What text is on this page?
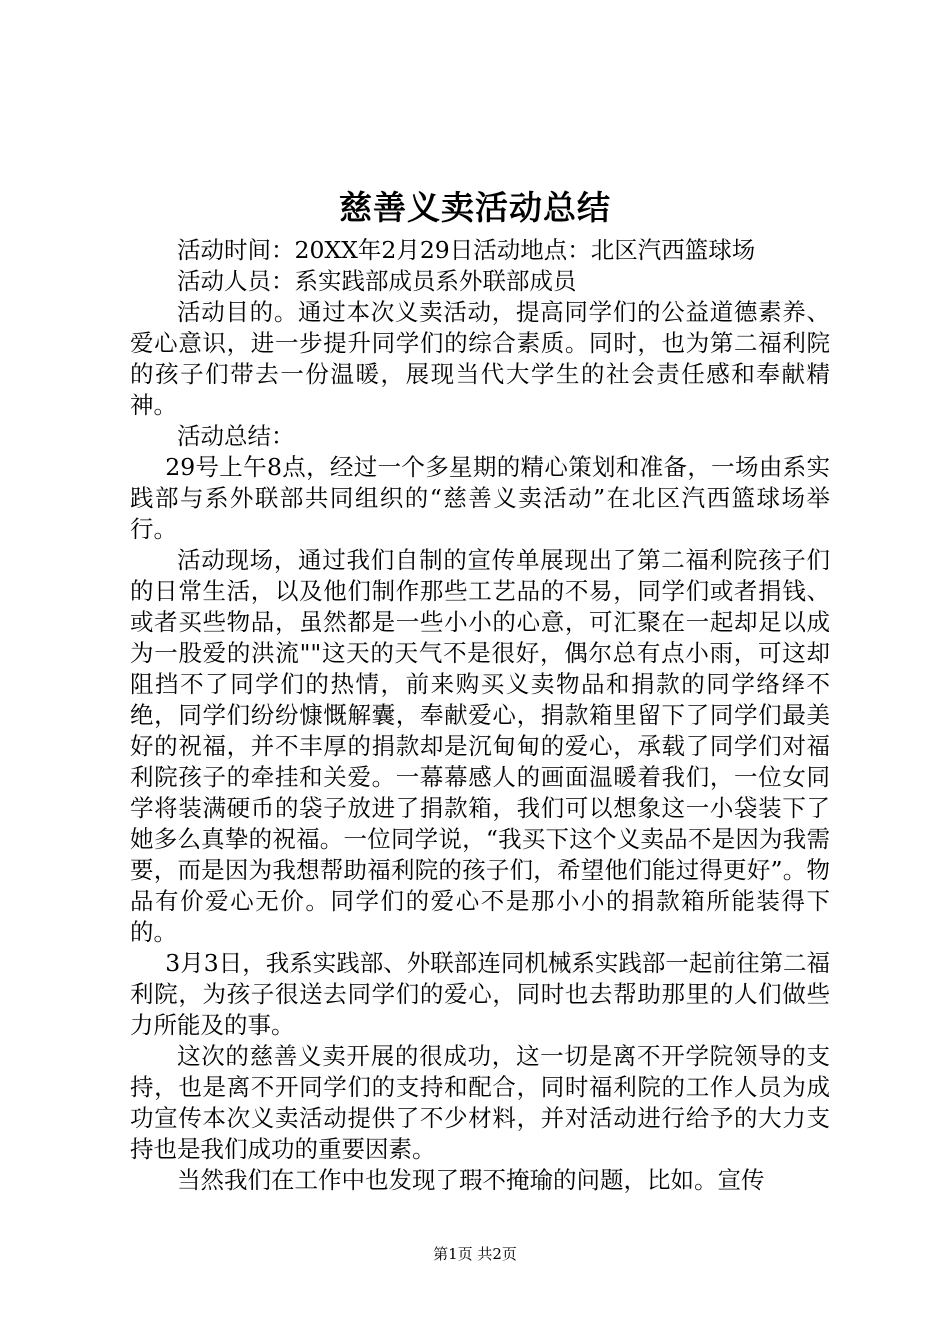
慈善义卖活动总结

活动时间：20XX年2月29日活动地点：北区汽西篮球场

活动人员：系实践部成员系外联部成员

活动目的。通过本次义卖活动，提高同学们的公益道德素养、爱心意识，进一步提升同学们的综合素质。同时，也为第二福利院的孩子们带去一份温暖，展现当代大学生的社会责任感和奉献精神。

活动总结：

29号上午8点，经过一个多星期的精心策划和准备，一场由系实践部与系外联部共同组织的“慈善义卖活动”在北区汽西篮球场举行。

活动现场，通过我们自制的宣传单展现出了第二福利院孩子们的日常生活，以及他们制作那些工艺品的不易，同学们或者捐钱、或者买些物品，虽然都是一些小小的心意，可汇聚在一起却足以成为一股爱的洪流""这天的天气不是很好，偶尔总有点小雨，可这却阻挡不了同学们的热情，前来购买义卖物品和捐款的同学络绎不绝，同学们纷纷慷慨解囊，奉献爱心，捐款箱里留下了同学们最美好的祝福，并不丰厚的捐款却是沉甸甸的爱心，承载了同学们对福利院孩子的牵挂和关爱。一幕幕感人的画面温暖着我们，一位女同学将装满硬币的袋子放进了捐款箱，我们可以想象这一小袋装下了她多么真挚的祝福。一位同学说，“我买下这个义卖品不是因为我需要，而是因为我想帮助福利院的孩子们，希望他们能过得更好”。物品有价爱心无价。同学们的爱心不是那小小的捐款箱所能装得下的。

3月3日，我系实践部、外联部连同机械系实践部一起前往第二福利院，为孩子很送去同学们的爱心，同时也去帮助那里的人们做些力所能及的事。

这次的慈善义卖开展的很成功，这一切是离不开学院领导的支持，也是离不开同学们的支持和配合，同时福利院的工作人员为成功宣传本次义卖活动提供了不少材料，并对活动进行给予的大力支持也是我们成功的重要因素。

当然我们在工作中也发现了瑕不掩瑜的问题，比如。宣传

第1页 共2页
